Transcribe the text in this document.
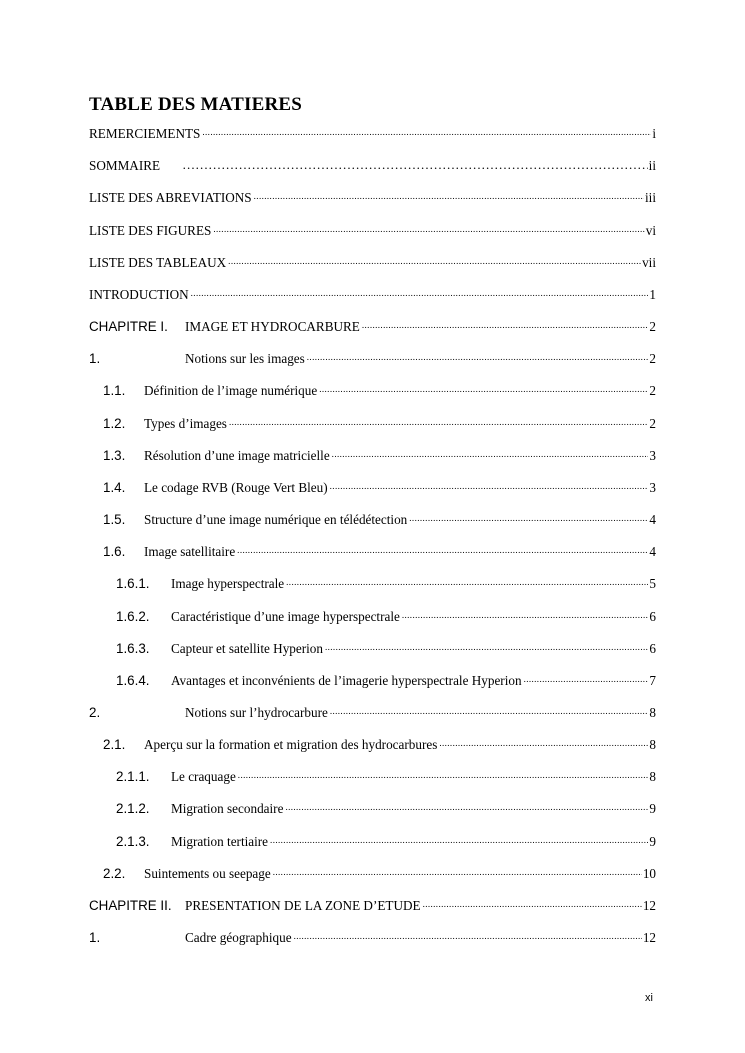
TABLE DES MATIERES
REMERCIEMENTS .....	i
SOMMAIRE ……………………………………………………………………………………………………………………………………	ii
LISTE DES ABREVIATIONS .....	iii
LISTE DES FIGURES .....	vi
LISTE DES TABLEAUX .....	vii
INTRODUCTION .....	1
CHAPITRE I.	IMAGE ET HYDROCARBURE .....	2
1.	Notions sur les images .....	2
1.1.	Définition de l’image numérique .....	2
1.2.	Types d’images .....	2
1.3.	Résolution d’une image matricielle .....	3
1.4.	Le codage RVB (Rouge Vert Bleu) .....	3
1.5.	Structure d’une image numérique en télédétection .....	4
1.6.	Image satellitaire .....	4
1.6.1.	Image hyperspectrale .....	5
1.6.2.	Caractéristique d’une image hyperspectrale .....	6
1.6.3.	Capteur et satellite Hyperion .....	6
1.6.4.	Avantages et inconvénients de l’imagerie hyperspectrale Hyperion .....	7
2.	Notions sur l’hydrocarbure .....	8
2.1.	Aperçu sur la formation et migration des hydrocarbures .....	8
2.1.1.	Le craquage .....	8
2.1.2.	Migration secondaire .....	9
2.1.3.	Migration tertiaire .....	9
2.2.	Suintements ou seepage .....	10
CHAPITRE II.	PRESENTATION DE LA ZONE D’ETUDE .....	12
1.	Cadre géographique .....	12
xi
